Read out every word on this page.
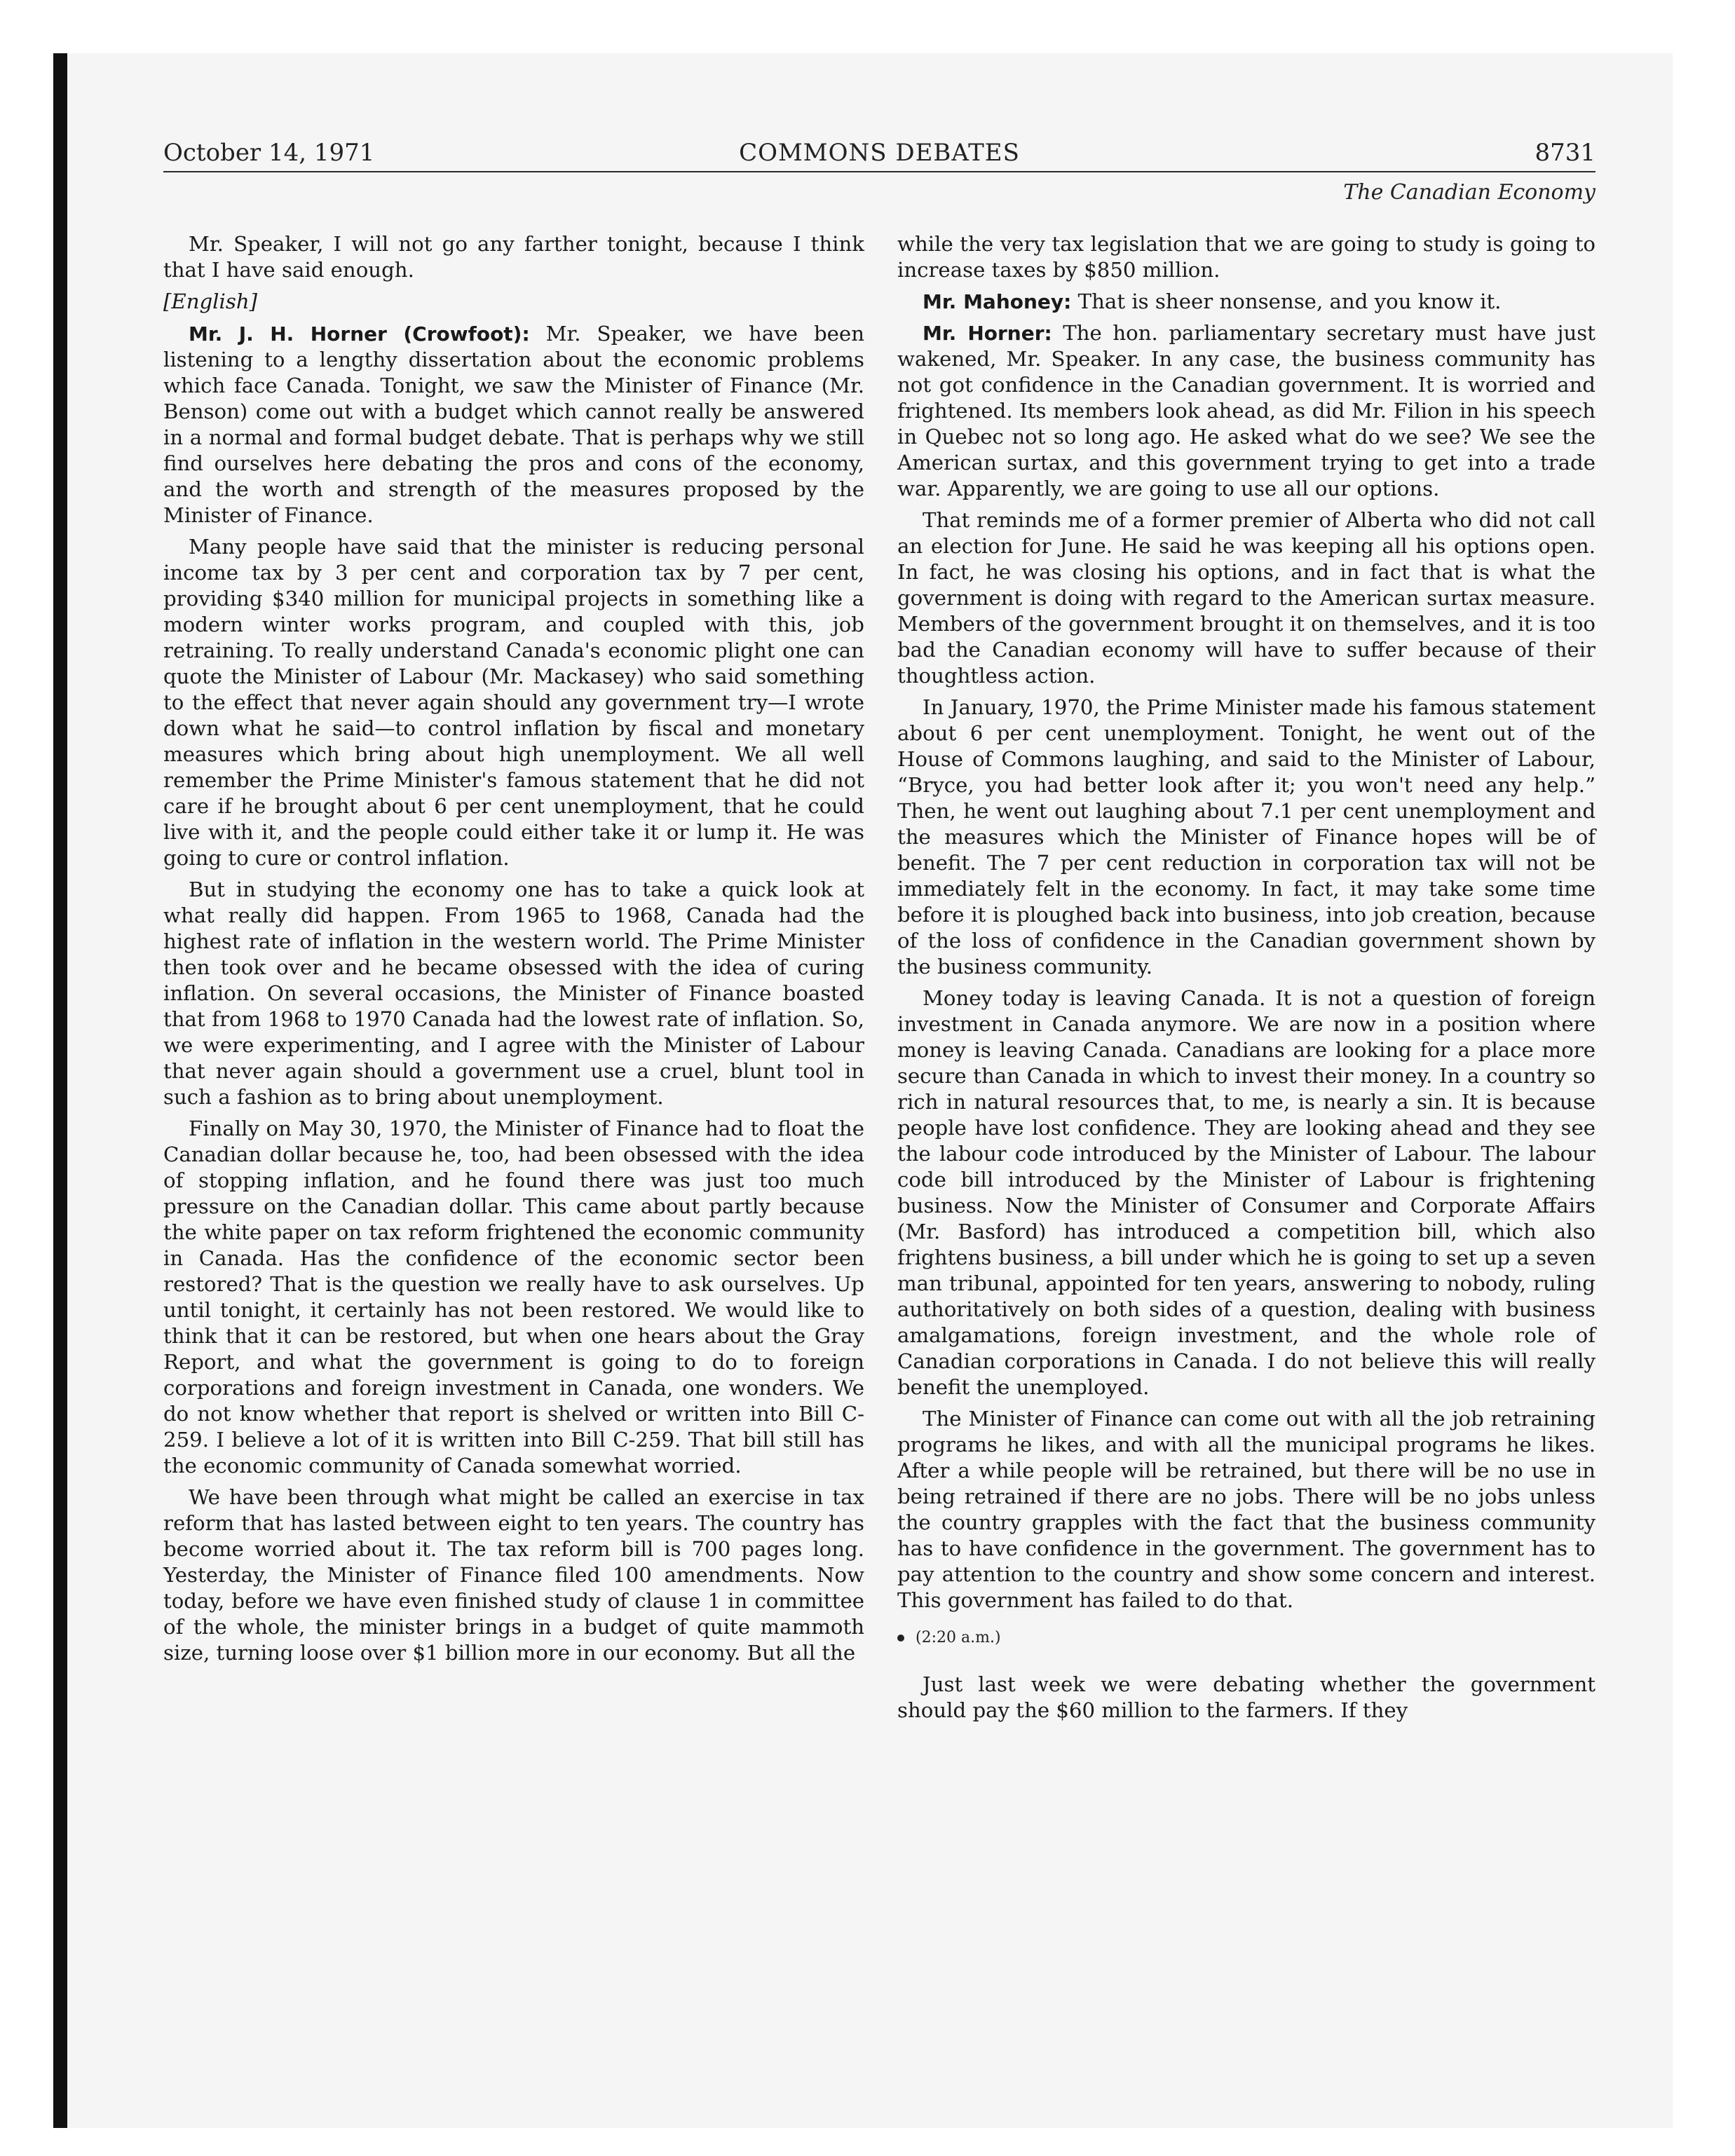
October 14, 1971	COMMONS DEBATES	8731
The Canadian Economy

Mr. Speaker, I will not go any farther tonight, because I think that I have said enough.

[English]

Mr. J. H. Horner (Crowfoot): Mr. Speaker, we have been listening to a lengthy dissertation about the economic problems which face Canada. Tonight, we saw the Minister of Finance (Mr. Benson) come out with a budget which cannot really be answered in a normal and formal budget debate. That is perhaps why we still find ourselves here debating the pros and cons of the economy, and the worth and strength of the measures proposed by the Minister of Finance.

Many people have said that the minister is reducing personal income tax by 3 per cent and corporation tax by 7 per cent, providing $340 million for municipal projects in something like a modern winter works program, and coupled with this, job retraining. To really understand Canada's economic plight one can quote the Minister of Labour (Mr. Mackasey) who said something to the effect that never again should any government try—I wrote down what he said—to control inflation by fiscal and monetary measures which bring about high unemployment. We all well remember the Prime Minister's famous statement that he did not care if he brought about 6 per cent unemployment, that he could live with it, and the people could either take it or lump it. He was going to cure or control inflation.

But in studying the economy one has to take a quick look at what really did happen. From 1965 to 1968, Canada had the highest rate of inflation in the western world. The Prime Minister then took over and he became obsessed with the idea of curing inflation. On several occasions, the Minister of Finance boasted that from 1968 to 1970 Canada had the lowest rate of inflation. So, we were experimenting, and I agree with the Minister of Labour that never again should a government use a cruel, blunt tool in such a fashion as to bring about unemployment.

Finally on May 30, 1970, the Minister of Finance had to float the Canadian dollar because he, too, had been obsessed with the idea of stopping inflation, and he found there was just too much pressure on the Canadian dollar. This came about partly because the white paper on tax reform frightened the economic community in Canada. Has the confidence of the economic sector been restored? That is the question we really have to ask ourselves. Up until tonight, it certainly has not been restored. We would like to think that it can be restored, but when one hears about the Gray Report, and what the government is going to do to foreign corporations and foreign investment in Canada, one wonders. We do not know whether that report is shelved or written into Bill C-259. I believe a lot of it is written into Bill C-259. That bill still has the economic community of Canada somewhat worried.

We have been through what might be called an exercise in tax reform that has lasted between eight to ten years. The country has become worried about it. The tax reform bill is 700 pages long. Yesterday, the Minister of Finance filed 100 amendments. Now today, before we have even finished study of clause 1 in committee of the whole, the minister brings in a budget of quite mammoth size, turning loose over $1 billion more in our economy. But all the

while the very tax legislation that we are going to study is going to increase taxes by $850 million.

Mr. Mahoney: That is sheer nonsense, and you know it.

Mr. Horner: The hon. parliamentary secretary must have just wakened, Mr. Speaker. In any case, the business community has not got confidence in the Canadian government. It is worried and frightened. Its members look ahead, as did Mr. Filion in his speech in Quebec not so long ago. He asked what do we see? We see the American surtax, and this government trying to get into a trade war. Apparently, we are going to use all our options.

That reminds me of a former premier of Alberta who did not call an election for June. He said he was keeping all his options open. In fact, he was closing his options, and in fact that is what the government is doing with regard to the American surtax measure. Members of the government brought it on themselves, and it is too bad the Canadian economy will have to suffer because of their thoughtless action.

In January, 1970, the Prime Minister made his famous statement about 6 per cent unemployment. Tonight, he went out of the House of Commons laughing, and said to the Minister of Labour, “Bryce, you had better look after it; you won't need any help.” Then, he went out laughing about 7.1 per cent unemployment and the measures which the Minister of Finance hopes will be of benefit. The 7 per cent reduction in corporation tax will not be immediately felt in the economy. In fact, it may take some time before it is ploughed back into business, into job creation, because of the loss of confidence in the Canadian government shown by the business community.

Money today is leaving Canada. It is not a question of foreign investment in Canada anymore. We are now in a position where money is leaving Canada. Canadians are looking for a place more secure than Canada in which to invest their money. In a country so rich in natural resources that, to me, is nearly a sin. It is because people have lost confidence. They are looking ahead and they see the labour code introduced by the Minister of Labour. The labour code bill introduced by the Minister of Labour is frightening business. Now the Minister of Consumer and Corporate Affairs (Mr. Basford) has introduced a competition bill, which also frightens business, a bill under which he is going to set up a seven man tribunal, appointed for ten years, answering to nobody, ruling authoritatively on both sides of a question, dealing with business amalgamations, foreign investment, and the whole role of Canadian corporations in Canada. I do not believe this will really benefit the unemployed.

The Minister of Finance can come out with all the job retraining programs he likes, and with all the municipal programs he likes. After a while people will be retrained, but there will be no use in being retrained if there are no jobs. There will be no jobs unless the country grapples with the fact that the business community has to have confidence in the government. The government has to pay attention to the country and show some concern and interest. This government has failed to do that.

(2:20 a.m.)

Just last week we were debating whether the government should pay the $60 million to the farmers. If they
